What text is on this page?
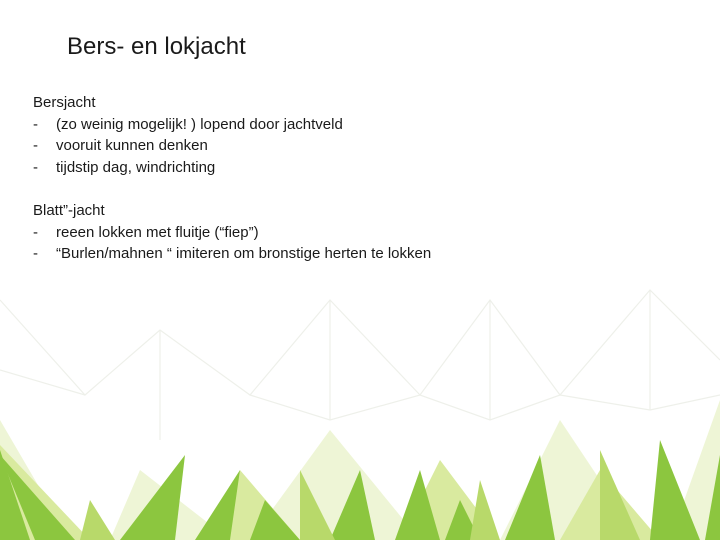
Bers- en lokjacht
Bersjacht
-	(zo weinig mogelijk! ) lopend door jachtveld
-	vooruit kunnen denken
-	tijdstip dag, windrichting
Blatt”-jacht
-	reeen lokken met fluitje (“fiep”)
-	“Burlen/mahnen “ imiteren om bronstige herten te lokken
